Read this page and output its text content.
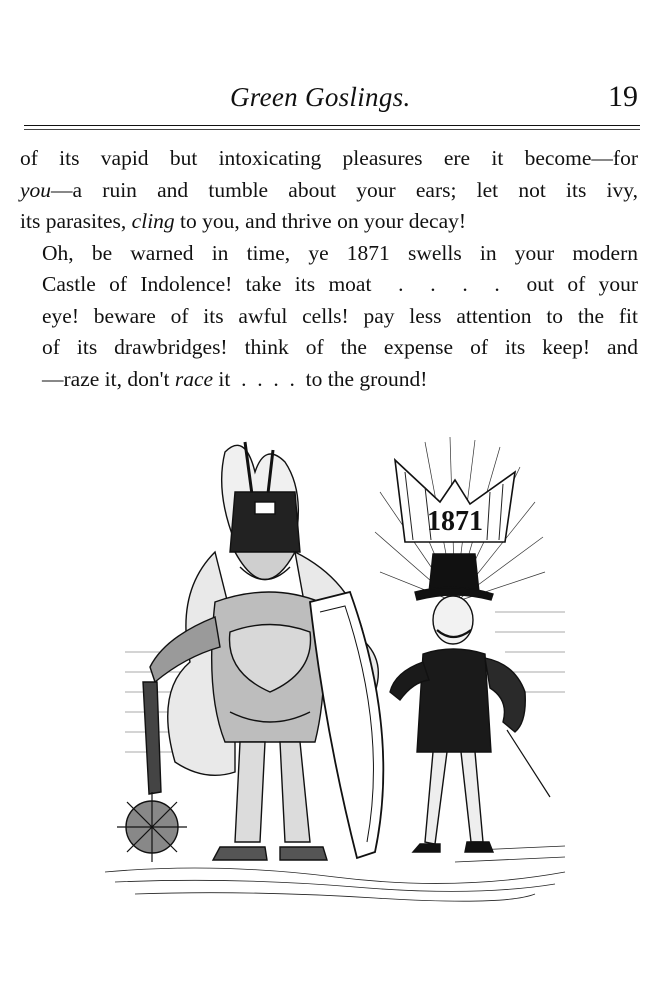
Green Goslings.	19

of its vapid but intoxicating pleasures ere it become—for
you—a ruin and tumble about your ears; let not its ivy,
its parasites, cling to you, and thrive on your decay!

Oh, be warned in time, ye 1871 swells in your modern
Castle of Indolence! take its moat  .  .  .  .  out of your
eye! beware of its awful cells! pay less attention to the fit
of its drawbridges! think of the expense of its keep! and
—raze it, don't race it  .  .  .  .  to the ground!

1871
